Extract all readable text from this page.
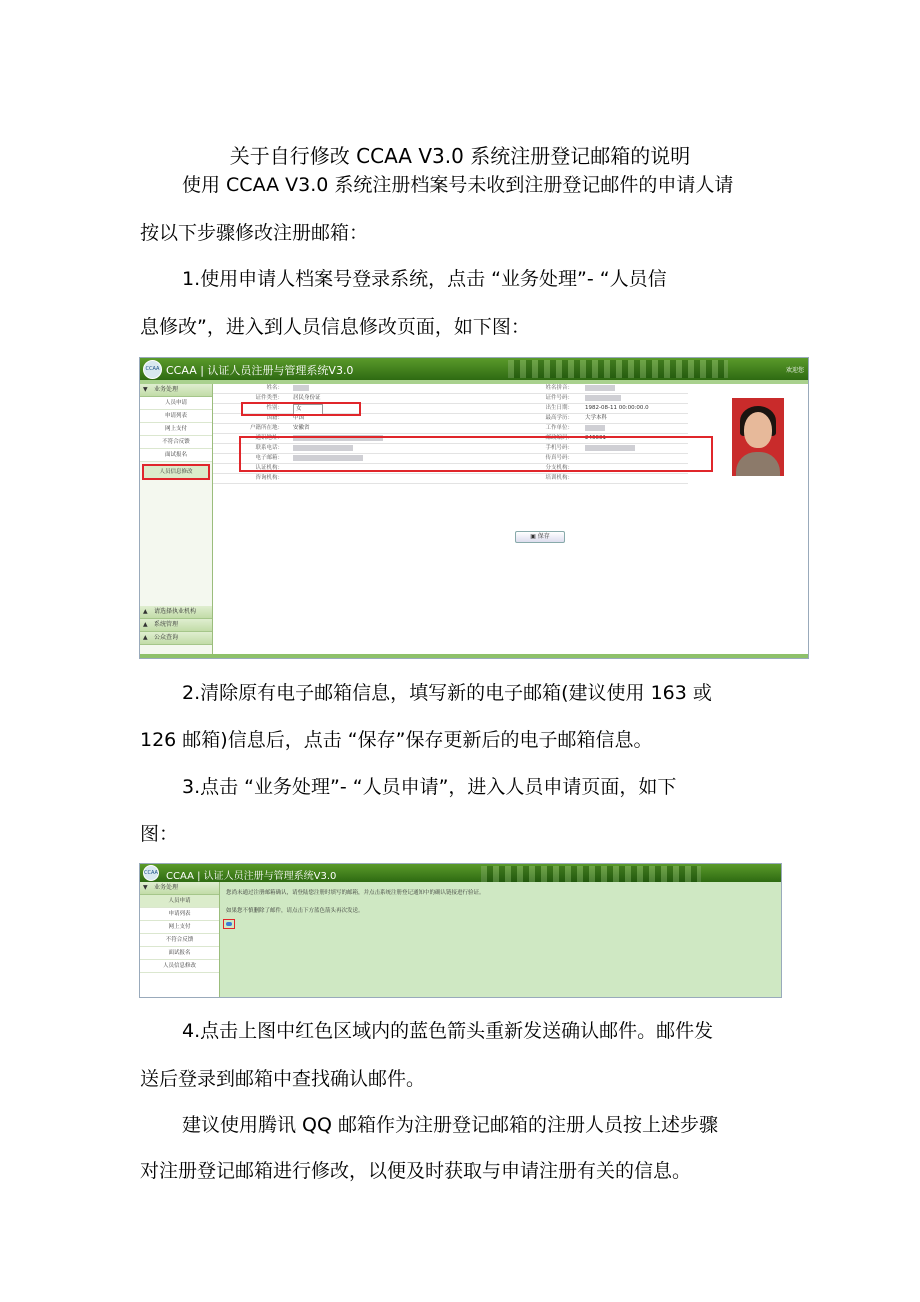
关于自行修改 CCAA V3.0 系统注册登记邮箱的说明

使用 CCAA V3.0 系统注册档案号未收到注册登记邮件的申请人请

按以下步骤修改注册邮箱：

1.使用申请人档案号登录系统，点击 “业务处理”- “人员信

息修改”，进入到人员信息修改页面，如下图：

CCAA CCAA | 认证人员注册与管理系统V3.0	欢迎您
▼ 业务处理
人员申请
申请列表
网上支付
不符合反馈
面试报名
人员信息修改
▲ 请选择执业机构
▲ 系统管理
▲ 公众查询
姓名：	姓名拼音：
证件类型： 居民身份证	证件号码：
性别：	女	出生日期： 1982-08-11 00:00:00.0
国籍： 中国	最高学历： 大学本科
户籍所在地： 安徽省	工作单位：
通讯地址：	邮政编码： 246001
联系电话：	手机号码：
电子邮箱：	传真号码：
认证机构：	分支机构：
咨询机构：	培训机构：
▣ 保存

2.清除原有电子邮箱信息，填写新的电子邮箱(建议使用 163 或

126 邮箱)信息后，点击 “保存”保存更新后的电子邮箱信息。

3.点击 “业务处理”- “人员申请”，进入人员申请页面，如下

图：

CCAA CCAA | 认证人员注册与管理系统V3.0
▼ 业务处理
人员申请
申请列表
网上支付
不符合反馈
面试报名
人员信息修改
您尚未通过注册邮箱确认，请登陆您注册时填写的邮箱，并点击系统注册登记通知中的确认链接进行验证。
如果您不慎删除了邮件，请点击下方蓝色箭头再次发送。

4.点击上图中红色区域内的蓝色箭头重新发送确认邮件。邮件发

送后登录到邮箱中查找确认邮件。

建议使用腾讯 QQ 邮箱作为注册登记邮箱的注册人员按上述步骤

对注册登记邮箱进行修改，以便及时获取与申请注册有关的信息。
